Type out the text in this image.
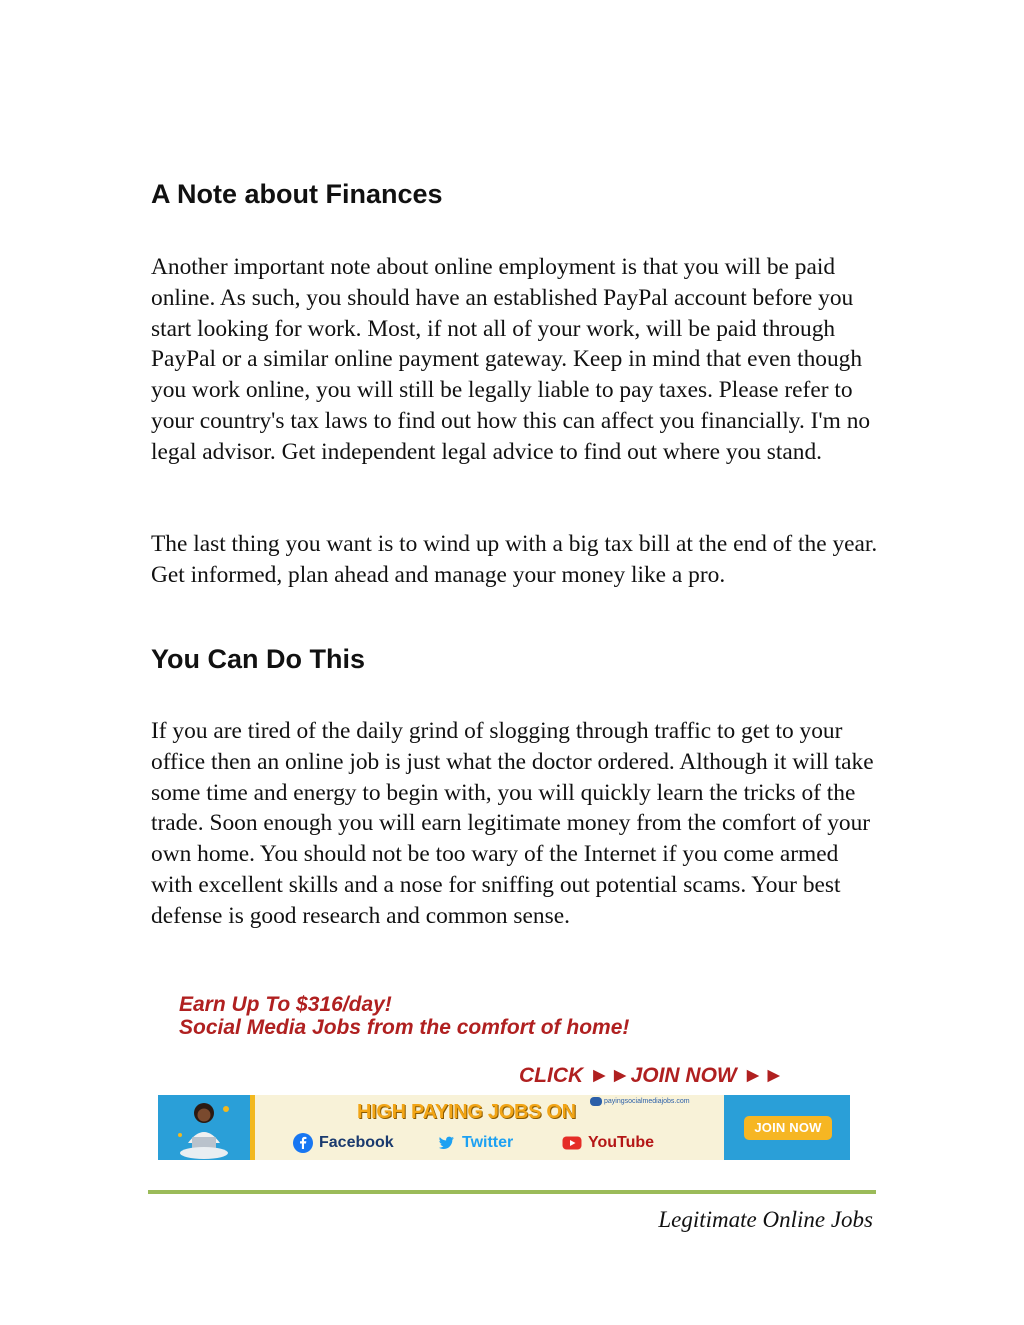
A Note about Finances

Another important note about online employment is that you will be paid online. As such, you should have an established PayPal account before you start looking for work. Most, if not all of your work, will be paid through PayPal or a similar online payment gateway. Keep in mind that even though you work online, you will still be legally liable to pay taxes. Please refer to your country's tax laws to find out how this can affect you financially. I'm no legal advisor. Get independent legal advice to find out where you stand.

The last thing you want is to wind up with a big tax bill at the end of the year. Get informed, plan ahead and manage your money like a pro.

You Can Do This

If you are tired of the daily grind of slogging through traffic to get to your office then an online job is just what the doctor ordered. Although it will take some time and energy to begin with, you will quickly learn the tricks of the trade. Soon enough you will earn legitimate money from the comfort of your own home. You should not be too wary of the Internet if you come armed with excellent skills and a nose for sniffing out potential scams. Your best defense is good research and common sense.

Earn Up To $316/day!
Social Media Jobs from the comfort of home!
CLICK ►►JOIN NOW ►►
HIGH PAYING JOBS ON	payingsocialmediajobs.com
Facebook	Twitter	YouTube
JOIN NOW
Legitimate Online Jobs
